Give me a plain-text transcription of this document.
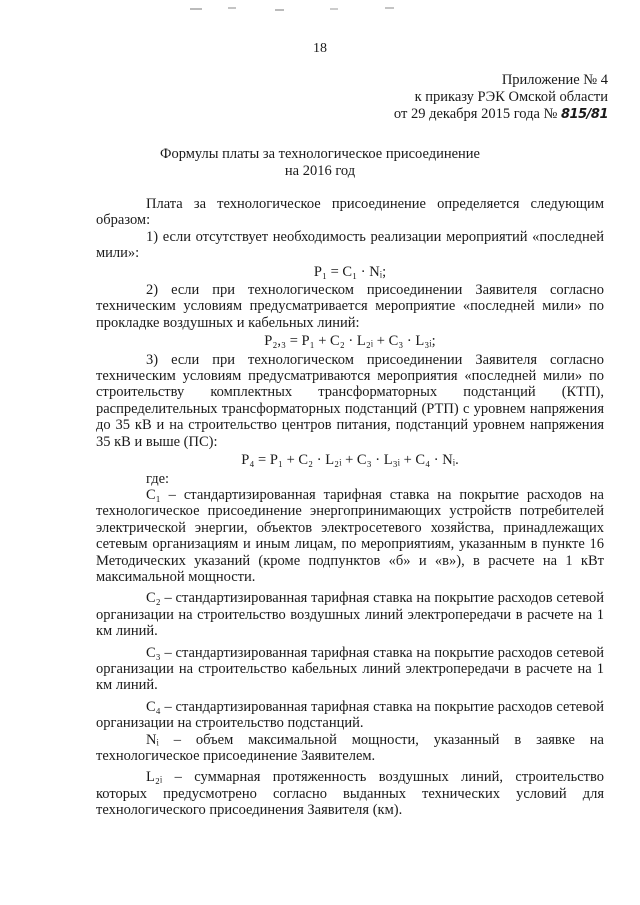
18
Приложение № 4
к приказу РЭК Омской области
от 29 декабря 2015 года № 815/81
Формулы платы за технологическое присоединение
на 2016 год

Плата за технологическое присоединение определяется следующим образом:

1) если отсутствует необходимость реализации мероприятий «последней мили»:

P₁ = C₁ · Nᵢ;

2) если при технологическом присоединении Заявителя согласно техническим условиям предусматривается мероприятие «последней мили» по прокладке воздушных и кабельных линий:

P₂,₃ = P₁ + C₂ · L₂ᵢ + C₃ · L₃ᵢ;

3) если при технологическом присоединении Заявителя согласно техническим условиям предусматриваются мероприятия «последней мили» по строительству комплектных трансформаторных подстанций (КТП), распределительных трансформаторных подстанций (РТП) с уровнем напряжения до 35 кВ и на строительство центров питания, подстанций уровнем напряжения 35 кВ и выше (ПС):

P₄ = P₁ + C₂ · L₂ᵢ + C₃ · L₃ᵢ + C₄ · Nᵢ.

где:

C₁ – стандартизированная тарифная ставка на покрытие расходов на технологическое присоединение энергопринимающих устройств потребителей электрической энергии, объектов электросетевого хозяйства, принадлежащих сетевым организациям и иным лицам, по мероприятиям, указанным в пункте 16 Методических указаний (кроме подпунктов «б» и «в»), в расчете на 1 кВт максимальной мощности.

C₂ – стандартизированная тарифная ставка на покрытие расходов сетевой организации на строительство воздушных линий электропередачи в расчете на 1 км линий.

C₃ – стандартизированная тарифная ставка на покрытие расходов сетевой организации на строительство кабельных линий электропередачи в расчете на 1 км линий.

C₄ – стандартизированная тарифная ставка на покрытие расходов сетевой организации на строительство подстанций.

Nᵢ – объем максимальной мощности, указанный в заявке на технологическое присоединение Заявителем.

L₂ᵢ – суммарная протяженность воздушных линий, строительство которых предусмотрено согласно выданных технических условий для технологического присоединения Заявителя (км).
